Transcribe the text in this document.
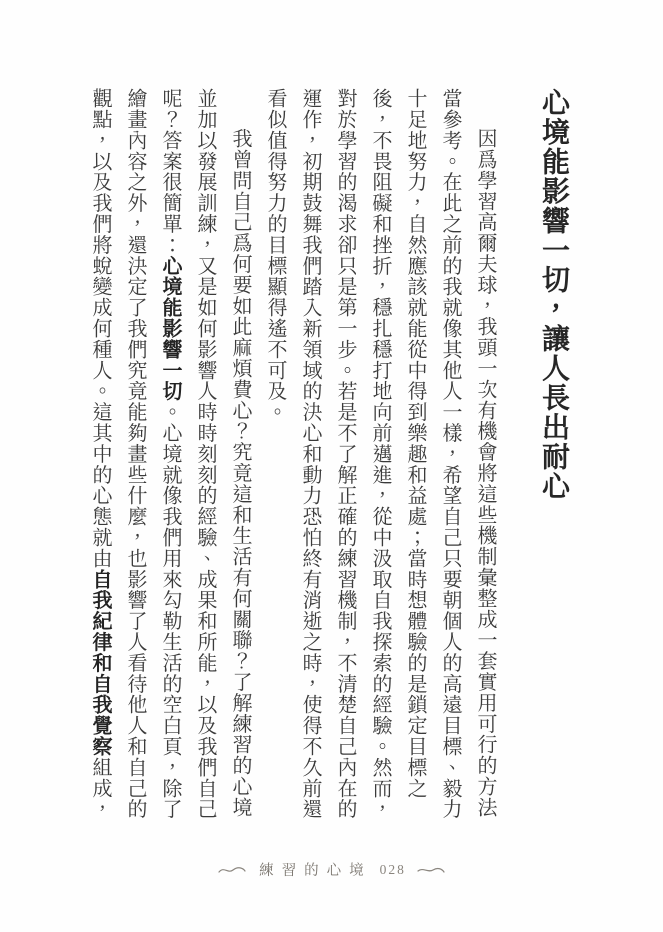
心境能影響一切，讓人長出耐心

因爲學習高爾夫球，我頭一次有機會將這些機制彙整成一套實用可行的方法當參考。在此之前的我就像其他人一樣，希望自己只要朝個人的高遠目標、毅力十足地努力，自然應該就能從中得到樂趣和益處；當時想體驗的是鎖定目標之後，不畏阻礙和挫折，穩扎穩打地向前邁進，從中汲取自我探索的經驗。然而，對於學習的渴求卻只是第一步。若是不了解正確的練習機制，不清楚自己內在的運作，初期鼓舞我們踏入新領域的決心和動力恐怕終有消逝之時，使得不久前還看似值得努力的目標顯得遙不可及。

我曾問自己爲何要如此麻煩費心？究竟這和生活有何關聯？了解練習的心境並加以發展訓練，又是如何影響人時時刻刻的經驗、成果和所能，以及我們自己呢？答案很簡單：心境能影響一切。心境就像我們用來勾勒生活的空白頁，除了繪畫內容之外，還決定了我們究竟能夠畫些什麼，也影響了人看待他人和自己的觀點，以及我們將蛻變成何種人。這其中的心態就由自我紀律和自我覺察組成，

練習的心境 028
